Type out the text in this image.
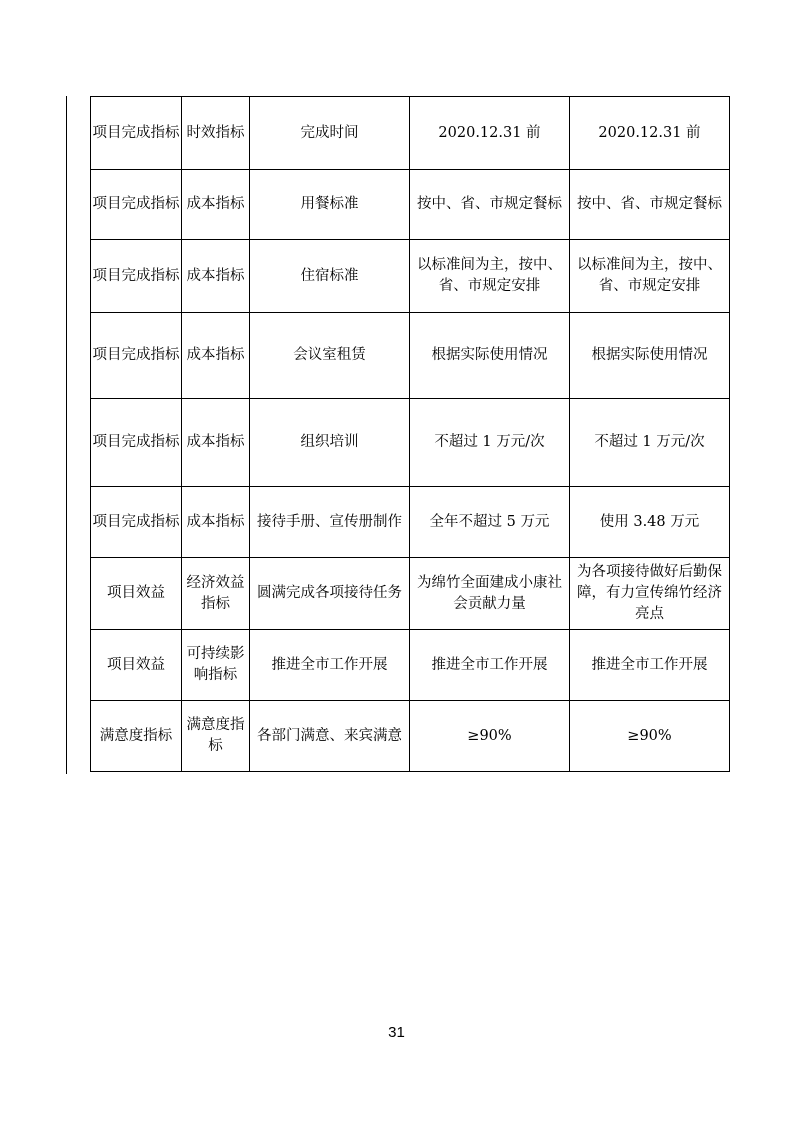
项目完成指标	时效指标	完成时间	2020.12.31 前	2020.12.31 前
项目完成指标	成本指标	用餐标准	按中、省、市规定餐标	按中、省、市规定餐标
项目完成指标	成本指标	住宿标准	以标准间为主，按中、省、市规定安排	以标准间为主，按中、省、市规定安排
项目完成指标	成本指标	会议室租赁	根据实际使用情况	根据实际使用情况
项目完成指标	成本指标	组织培训	不超过 1 万元/次	不超过 1 万元/次
项目完成指标	成本指标	接待手册、宣传册制作	全年不超过 5 万元	使用 3.48 万元
项目效益	经济效益指标	圆满完成各项接待任务	为绵竹全面建成小康社会贡献力量	为各项接待做好后勤保障，有力宣传绵竹经济亮点
项目效益	可持续影响指标	推进全市工作开展	推进全市工作开展	推进全市工作开展
满意度指标	满意度指标	各部门满意、来宾满意	≥90%	≥90%
31
